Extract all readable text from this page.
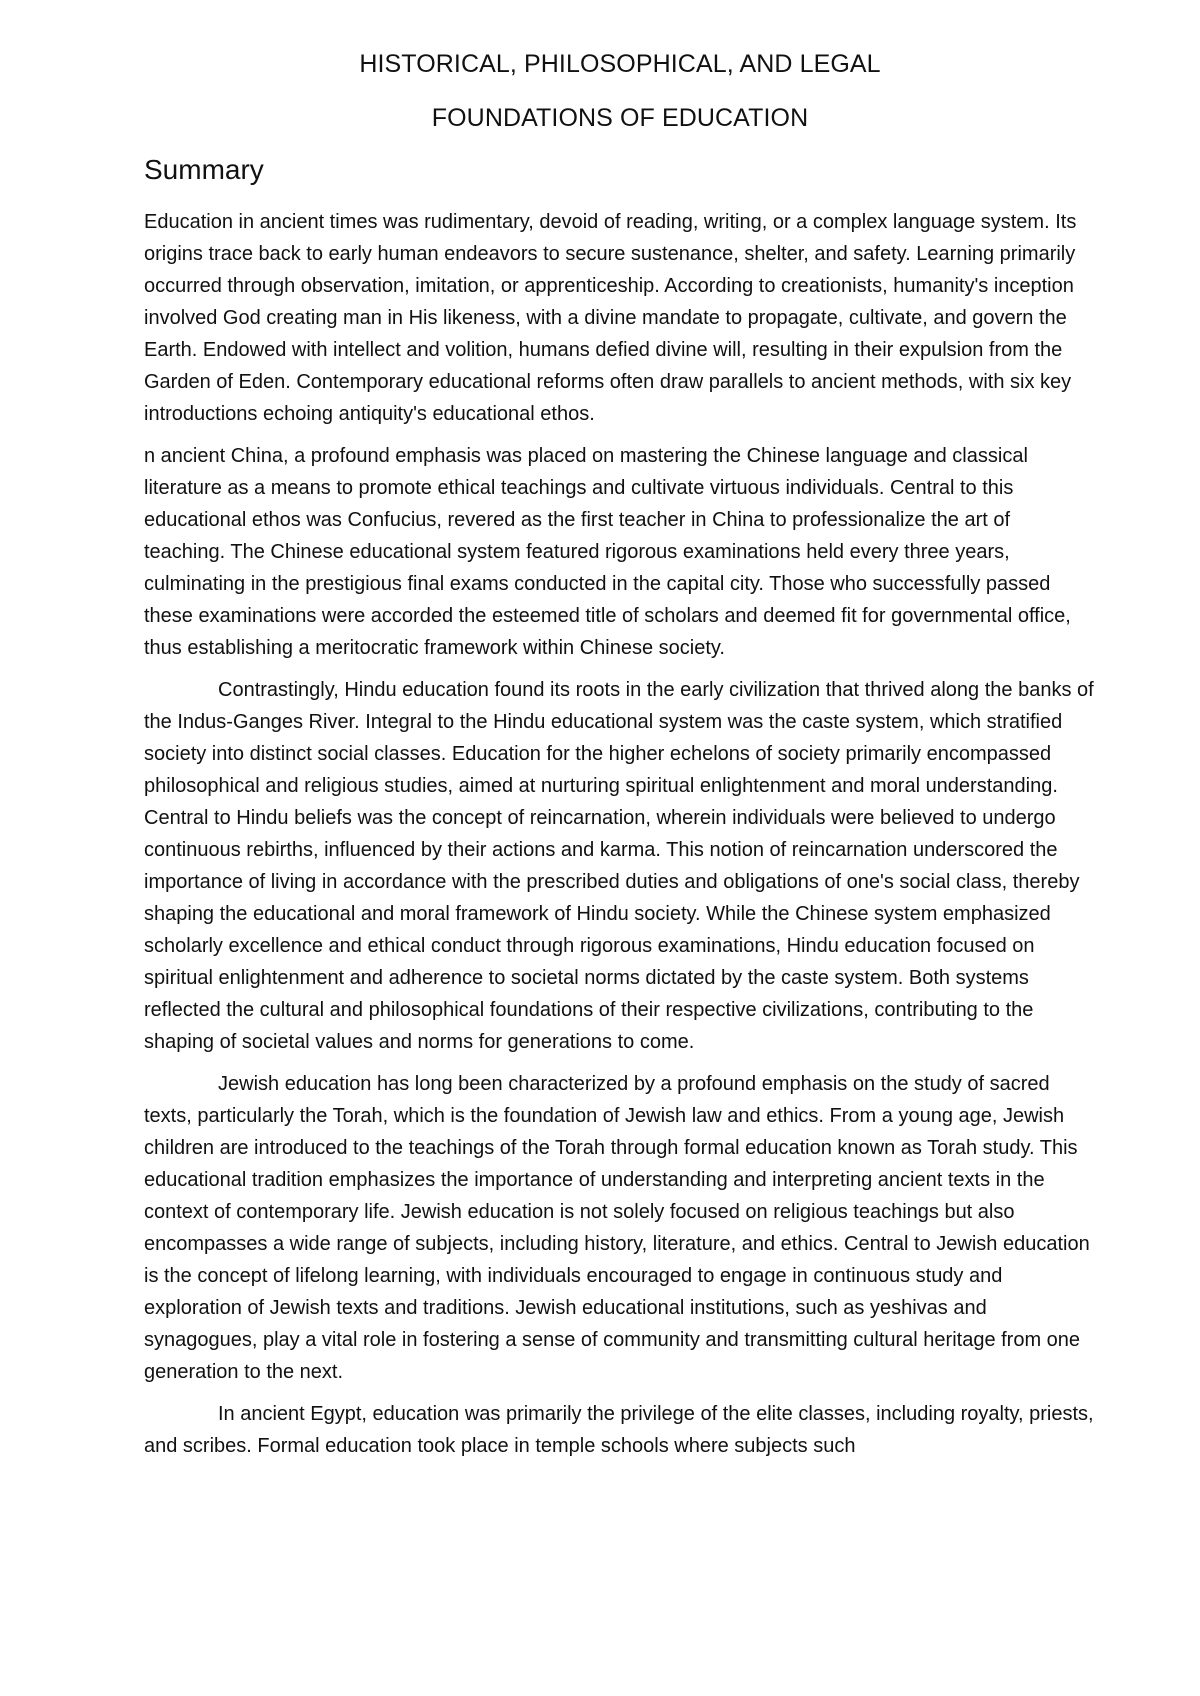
HISTORICAL, PHILOSOPHICAL, AND LEGAL
FOUNDATIONS OF EDUCATION
Summary

Education in ancient times was rudimentary, devoid of reading, writing, or a complex language system. Its origins trace back to early human endeavors to secure sustenance, shelter, and safety. Learning primarily occurred through observation, imitation, or apprenticeship. According to creationists, humanity's inception involved God creating man in His likeness, with a divine mandate to propagate, cultivate, and govern the Earth. Endowed with intellect and volition, humans defied divine will, resulting in their expulsion from the Garden of Eden. Contemporary educational reforms often draw parallels to ancient methods, with six key introductions echoing antiquity's educational ethos.

n ancient China, a profound emphasis was placed on mastering the Chinese language and classical literature as a means to promote ethical teachings and cultivate virtuous individuals. Central to this educational ethos was Confucius, revered as the first teacher in China to professionalize the art of teaching. The Chinese educational system featured rigorous examinations held every three years, culminating in the prestigious final exams conducted in the capital city. Those who successfully passed these examinations were accorded the esteemed title of scholars and deemed fit for governmental office, thus establishing a meritocratic framework within Chinese society.

Contrastingly, Hindu education found its roots in the early civilization that thrived along the banks of the Indus-Ganges River. Integral to the Hindu educational system was the caste system, which stratified society into distinct social classes. Education for the higher echelons of society primarily encompassed philosophical and religious studies, aimed at nurturing spiritual enlightenment and moral understanding. Central to Hindu beliefs was the concept of reincarnation, wherein individuals were believed to undergo continuous rebirths, influenced by their actions and karma. This notion of reincarnation underscored the importance of living in accordance with the prescribed duties and obligations of one's social class, thereby shaping the educational and moral framework of Hindu society. While the Chinese system emphasized scholarly excellence and ethical conduct through rigorous examinations, Hindu education focused on spiritual enlightenment and adherence to societal norms dictated by the caste system. Both systems reflected the cultural and philosophical foundations of their respective civilizations, contributing to the shaping of societal values and norms for generations to come.

Jewish education has long been characterized by a profound emphasis on the study of sacred texts, particularly the Torah, which is the foundation of Jewish law and ethics. From a young age, Jewish children are introduced to the teachings of the Torah through formal education known as Torah study. This educational tradition emphasizes the importance of understanding and interpreting ancient texts in the context of contemporary life. Jewish education is not solely focused on religious teachings but also encompasses a wide range of subjects, including history, literature, and ethics. Central to Jewish education is the concept of lifelong learning, with individuals encouraged to engage in continuous study and exploration of Jewish texts and traditions. Jewish educational institutions, such as yeshivas and synagogues, play a vital role in fostering a sense of community and transmitting cultural heritage from one generation to the next.

In ancient Egypt, education was primarily the privilege of the elite classes, including royalty, priests, and scribes. Formal education took place in temple schools where subjects such
